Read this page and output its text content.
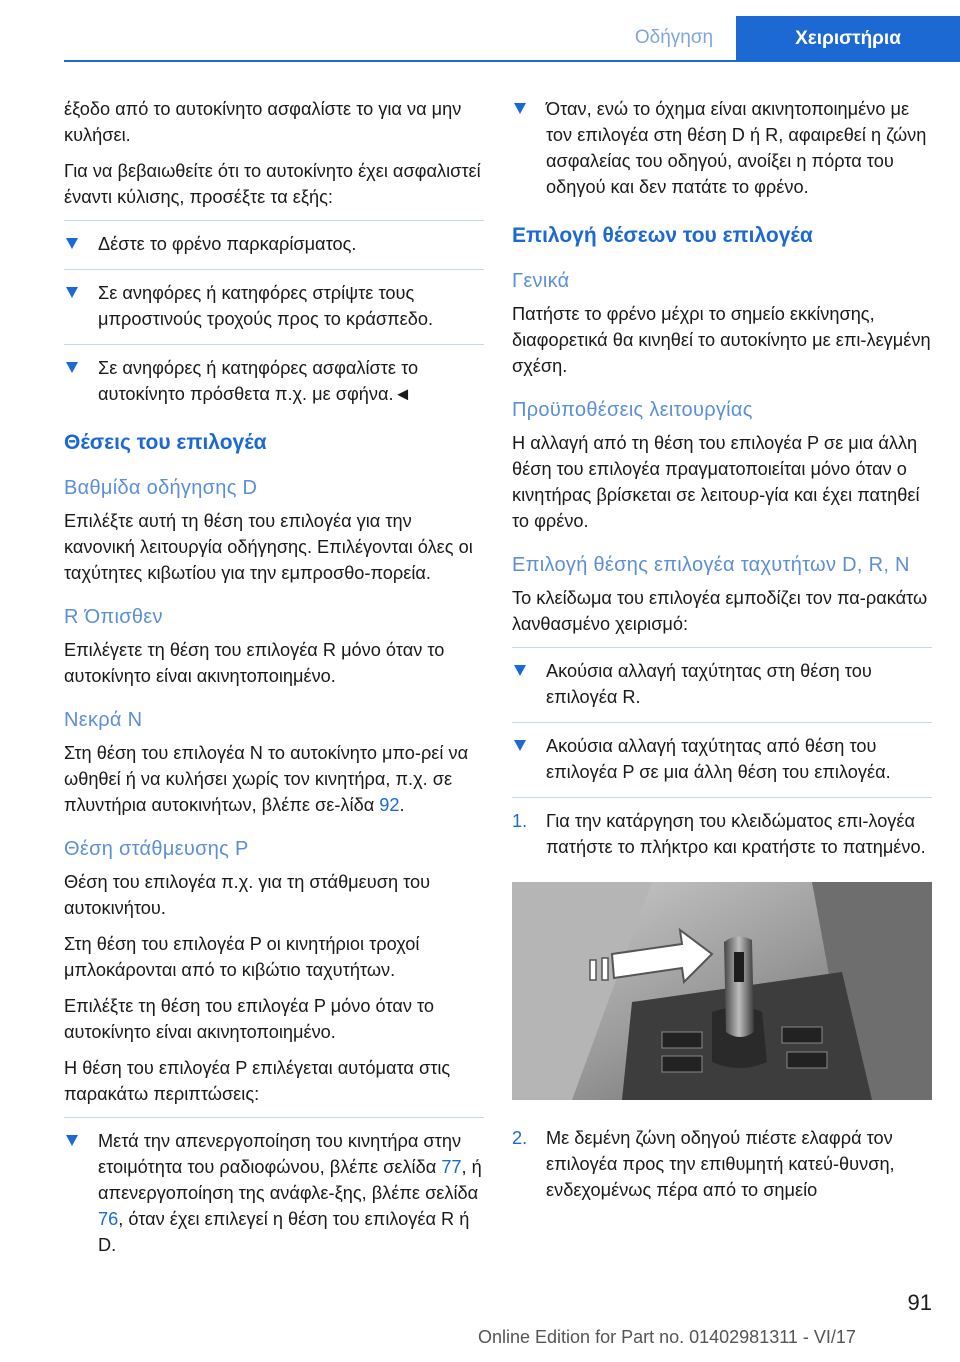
Οδήγηση	Χειριστήρια

έξοδο από το αυτοκίνητο ασφαλίστε το για να μην κυλήσει.

Για να βεβαιωθείτε ότι το αυτοκίνητο έχει ασφαλιστεί έναντι κύλισης, προσέξτε τα εξής:

Δέστε το φρένο παρκαρίσματος.
Σε ανηφόρες ή κατηφόρες στρίψτε τους μπροστινούς τροχούς προς το κράσπεδο.
Σε ανηφόρες ή κατηφόρες ασφαλίστε το αυτοκίνητο πρόσθετα π.χ. με σφήνα.◄
Θέσεις του επιλογέα
Βαθμίδα οδήγησης D

Επιλέξτε αυτή τη θέση του επιλογέα για την κανονική λειτουργία οδήγησης. Επιλέγονται όλες οι ταχύτητες κιβωτίου για την εμπροσθο-πορεία.

R Όπισθεν

Επιλέγετε τη θέση του επιλογέα R μόνο όταν το αυτοκίνητο είναι ακινητοποιημένο.

Νεκρά N

Στη θέση του επιλογέα N το αυτοκίνητο μπο-ρεί να ωθηθεί ή να κυλήσει χωρίς τον κινητήρα, π.χ. σε πλυντήρια αυτοκινήτων, βλέπε σε-λίδα 92.

Θέση στάθμευσης P

Θέση του επιλογέα π.χ. για τη στάθμευση του αυτοκινήτου.

Στη θέση του επιλογέα P οι κινητήριοι τροχοί μπλοκάρονται από το κιβώτιο ταχυτήτων.

Επιλέξτε τη θέση του επιλογέα P μόνο όταν το αυτοκίνητο είναι ακινητοποιημένο.

Η θέση του επιλογέα P επιλέγεται αυτόματα στις παρακάτω περιπτώσεις:

Μετά την απενεργοποίηση του κινητήρα στην ετοιμότητα του ραδιοφώνου, βλέπε σελίδα 77, ή απενεργοποίηση της ανάφλε-ξης, βλέπε σελίδα 76, όταν έχει επιλεγεί η θέση του επιλογέα R ή D.
Όταν, ενώ το όχημα είναι ακινητοποιημένο με τον επιλογέα στη θέση D ή R, αφαιρεθεί η ζώνη ασφαλείας του οδηγού, ανοίξει η πόρτα του οδηγού και δεν πατάτε το φρένο.
Επιλογή θέσεων του επιλογέα
Γενικά

Πατήστε το φρένο μέχρι το σημείο εκκίνησης, διαφορετικά θα κινηθεί το αυτοκίνητο με επι-λεγμένη σχέση.

Προϋποθέσεις λειτουργίας

Η αλλαγή από τη θέση του επιλογέα P σε μια άλλη θέση του επιλογέα πραγματοποιείται μόνο όταν ο κινητήρας βρίσκεται σε λειτουρ-γία και έχει πατηθεί το φρένο.

Επιλογή θέσης επιλογέα ταχυτήτων D, R, N

Το κλείδωμα του επιλογέα εμποδίζει τον πα-ρακάτω λανθασμένο χειρισμό:

Ακούσια αλλαγή ταχύτητας στη θέση του επιλογέα R.
Ακούσια αλλαγή ταχύτητας από θέση του επιλογέα P σε μια άλλη θέση του επιλογέα.
1.	Για την κατάργηση του κλειδώματος επι-λογέα πατήστε το πλήκτρο και κρατήστε το πατημένο.
2.	Με δεμένη ζώνη οδηγού πιέστε ελαφρά τον επιλογέα προς την επιθυμητή κατεύ-θυνση, ενδεχομένως πέρα από το σημείο
91
Online Edition for Part no. 01402981311 - VI/17
